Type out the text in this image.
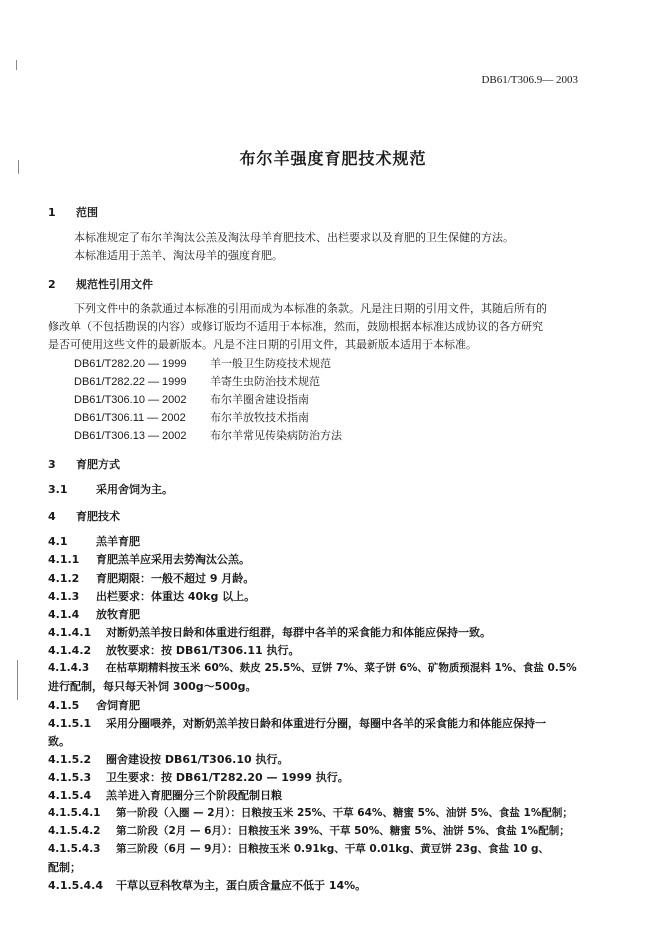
DB61/T306.9— 2003
布尔羊强度育肥技术规范
1 范围
本标准规定了布尔羊淘汰公羔及淘汰母羊育肥技术、出栏要求以及育肥的卫生保健的方法。
本标准适用于羔羊、淘汰母羊的强度育肥。
2 规范性引用文件
下列文件中的条款通过本标准的引用而成为本标准的条款。凡是注日期的引用文件，其随后所有的
修改单（不包括勘误的内容）或修订版均不适用于本标准，然而，鼓励根据本标准达成协议的各方研究
是否可使用这些文件的最新版本。凡是不注日期的引用文件，其最新版本适用于本标准。
DB61/T282.20 — 1999 羊一般卫生防疫技术规范
DB61/T282.22 — 1999 羊寄生虫防治技术规范
DB61/T306.10 — 2002 布尔羊圈舍建设指南
DB61/T306.11 — 2002 布尔羊放牧技术指南
DB61/T306.13 — 2002 布尔羊常见传染病防治方法
3 育肥方式
3.1	采用舍饲为主。
4 育肥技术
4.1	羔羊育肥
4.1.1 育肥羔羊应采用去势淘汰公羔。
4.1.2 育肥期限：一般不超过 9 月龄。
4.1.3 出栏要求：体重达 40kg 以上。
4.1.4 放牧育肥
4.1.4.1 对断奶羔羊按日龄和体重进行组群，每群中各羊的采食能力和体能应保持一致。
4.1.4.2 放牧要求：按 DB61/T306.11 执行。
4.1.4.3 在枯草期精料按玉米 60%、麸皮 25.5%、豆饼 7%、菜子饼 6%、矿物质预混料 1%、食盐 0.5%
进行配制，每只每天补饲 300g～500g。
4.1.5 舍饲育肥
4.1.5.1 采用分圈喂养，对断奶羔羊按日龄和体重进行分圈，每圈中各羊的采食能力和体能应保持一
致。
4.1.5.2 圈舍建设按 DB61/T306.10 执行。
4.1.5.3 卫生要求：按 DB61/T282.20 — 1999 执行。
4.1.5.4 羔羊进入育肥圈分三个阶段配制日粮
4.1.5.4.1 第一阶段（入圈 — 2月）：日粮按玉米 25%、干草 64%、糖蜜 5%、油饼 5%、食盐 1%配制；
4.1.5.4.2 第二阶段（2月 — 6月）：日粮按玉米 39%、干草 50%、糖蜜 5%、油饼 5%、食盐 1%配制；
4.1.5.4.3 第三阶段（6月 — 9月）：日粮按玉米 0.91kg、干草 0.01kg、黄豆饼 23g、食盐 10 g、
配制；
4.1.5.4.4 干草以豆科牧草为主，蛋白质含量应不低于 14%。
